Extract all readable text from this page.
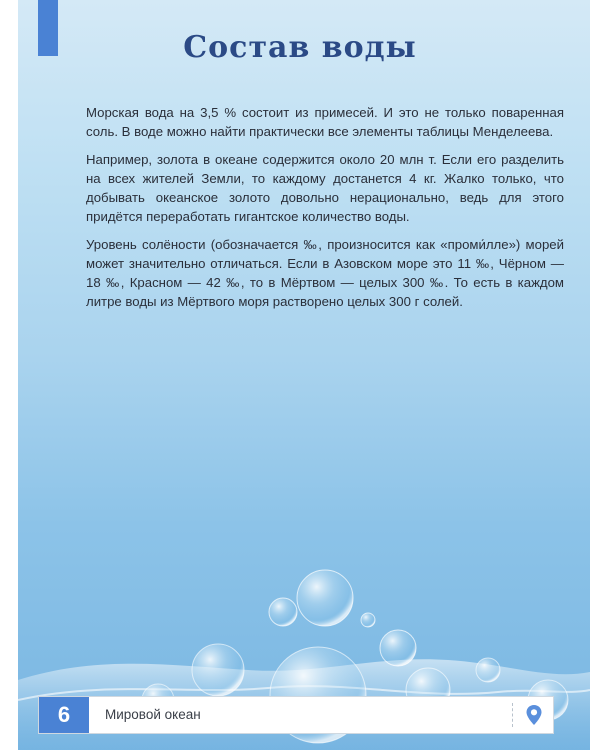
Состав воды

Морская вода на 3,5 % состоит из примесей. И это не только поваренная соль. В воде можно найти практически все элементы таблицы Менделеева.

Например, золота в океане содержится около 20 млн т. Если его разделить на всех жителей Земли, то каждому достанется 4 кг. Жалко только, что добывать океанское золото довольно нерационально, ведь для этого придётся переработать гигантское количество воды.

Уровень солёности (обозначается ‰, произносится как «проми́лле») морей может значительно отличаться. Если в Азовском море это 11 ‰, Чёрном — 18 ‰, Красном — 42 ‰, то в Мёртвом — целых 300 ‰. То есть в каждом литре воды из Мёртвого моря растворено целых 300 г солей.

6	Мировой океан
